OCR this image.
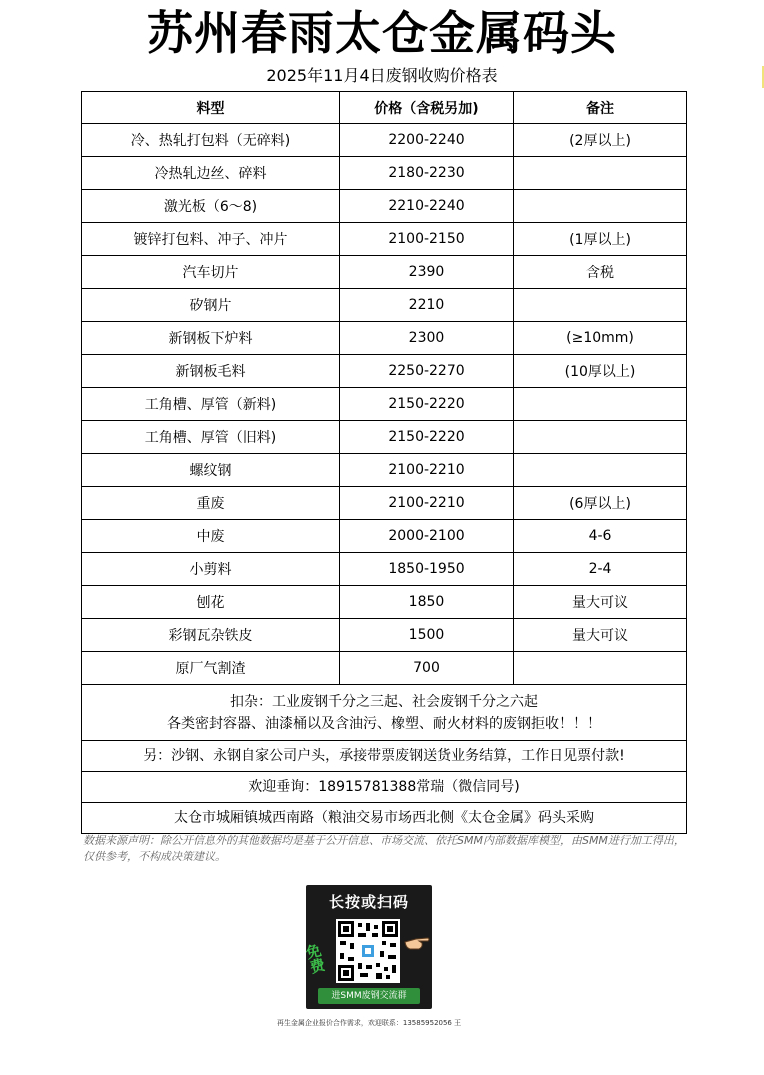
苏州春雨太仓金属码头
2025年11月4日废钢收购价格表
料型	价格（含税另加)	备注
冷、热轧打包料（无碎料)	2200-2240	(2厚以上)
冷热轧边丝、碎料	2180-2230	
激光板（6～8)	2210-2240	
镀锌打包料、冲子、冲片	2100-2150	(1厚以上)
汽车切片	2390	含税
矽钢片	2210	
新钢板下炉料	2300	(≥10mm)
新钢板毛料	2250-2270	(10厚以上)
工角槽、厚管（新料)	2150-2220	
工角槽、厚管（旧料)	2150-2220	
螺纹钢	2100-2210	
重废	2100-2210	(6厚以上)
中废	2000-2100	4-6
小剪料	1850-1950	2-4
刨花	1850	量大可议
彩钢瓦杂铁皮	1500	量大可议
原厂气割渣	700	

扣杂：工业废钢千分之三起、社会废钢千分之六起
各类密封容器、油漆桶以及含油污、橡塑、耐火材料的废钢拒收！！！		

另：沙钢、永钢自家公司户头，承接带票废钢送货业务结算，工作日见票付款!		
欢迎垂询：18915781388常瑞（微信同号)		
太仓市城厢镇城西南路（粮油交易市场西北侧《太仓金属》码头采购		
数据来源声明：除公开信息外的其他数据均是基于公开信息、市场交流、依托SMM内部数据库模型，由SMM进行加工得出，仅供参考，不构成决策建议。
长按或扫码
免费
进SMM废钢交流群
再生金属企业报价合作需求，欢迎联系：13585952056 王
